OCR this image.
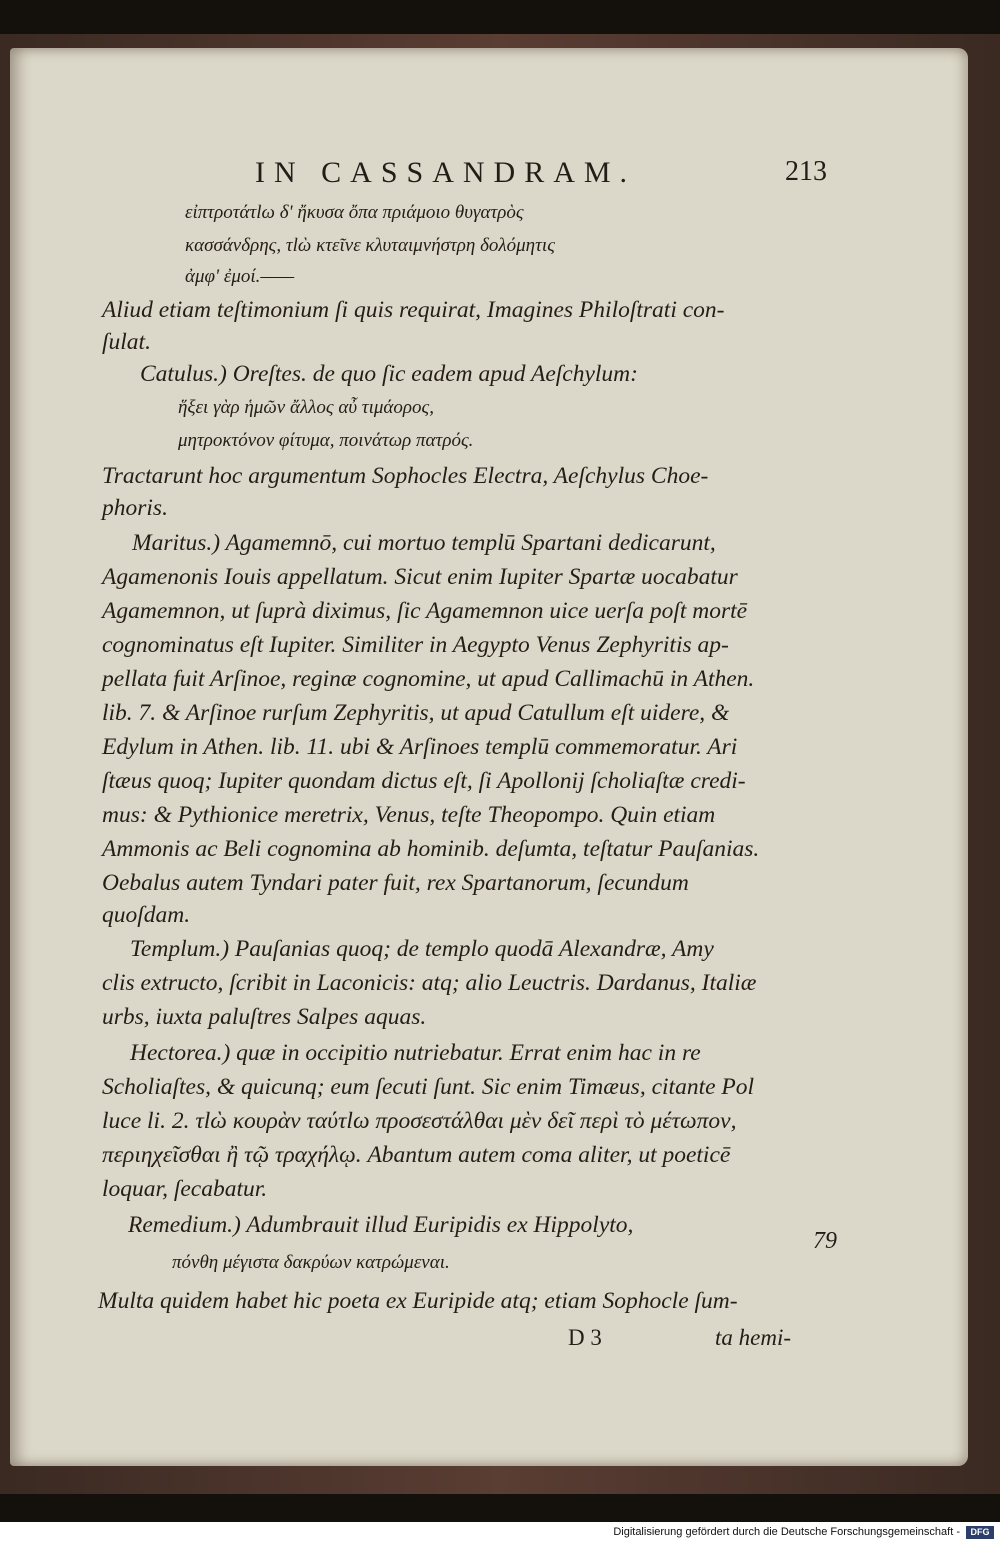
IN CASSANDRAM.	213
εἰπτροτάτlω δ' ἤκυσα ὄπα πριάμοιο θυγατρὸς
κασσάνδρης, τlὼ κτεῖνε κλυταιμνήστρη δολόμητις
ἀμφ' ἐμοί.——
Aliud etiam teſtimonium ſi quis requirat, Imagines Philoſtrati con-
ſulat.
Catulus.) Oreſtes. de quo ſic eadem apud Aeſchylum:
ἥξει γὰρ ἡμῶν ἄλλος αὖ τιμάορος,
μητροκτόνον φίτυμα, ποινάτωρ πατρός.
Tractarunt hoc argumentum Sophocles Electra, Aeſchylus Choe-
phoris.
Maritus.) Agamemnō, cui mortuo templū Spartani dedicarunt,
Agamenonis Iouis appellatum. Sicut enim Iupiter Spartæ uocabatur
Agamemnon, ut ſuprà diximus, ſic Agamemnon uice uerſa poſt mortē
cognominatus eſt Iupiter. Similiter in Aegypto Venus Zephyritis ap-
pellata fuit Arſinoe, reginæ cognomine, ut apud Callimachū in Athen.
lib. 7. & Arſinoe rurſum Zephyritis, ut apud Catullum eſt uidere, &
Edylum in Athen. lib. 11. ubi & Arſinoes templū commemoratur. Ari
ſtæus quoq; Iupiter quondam dictus eſt, ſi Apollonij ſcholiaſtæ credi-
mus: & Pythionice meretrix, Venus, teſte Theopompo. Quin etiam
Ammonis ac Beli cognomina ab hominib. deſumta, teſtatur Pauſanias.
Oebalus autem Tyndari pater fuit, rex Spartanorum, ſecundum
quoſdam.
Templum.) Pauſanias quoq; de templo quodā Alexandræ, Amy
clis extructo, ſcribit in Laconicis: atq; alio Leuctris. Dardanus, Italiæ
urbs, iuxta paluſtres Salpes aquas.
Hectorea.) quæ in occipitio nutriebatur. Errat enim hac in re
Scholiaſtes, & quicunq; eum ſecuti ſunt. Sic enim Timæus, citante Pol
luce li. 2. τlὼ κουρὰν ταύτlω προσεστάλθαι μὲν δεῖ περὶ τὸ μέτωπον,
περιηχεῖσθαι ἢ τῷ τραχήλῳ. Abantum autem coma aliter, ut poeticē
loquar, ſecabatur.
Remedium.) Adumbrauit illud Euripidis ex Hippolyto,
πόνθη μέγιστα δακρύων κατρώμεναι.
Multa quidem habet hic poeta ex Euripide atq; etiam Sophocle ſum-
79
D 3	ta hemi-
Digitalisierung gefördert durch die Deutsche Forschungsgemeinschaft -	DFG
